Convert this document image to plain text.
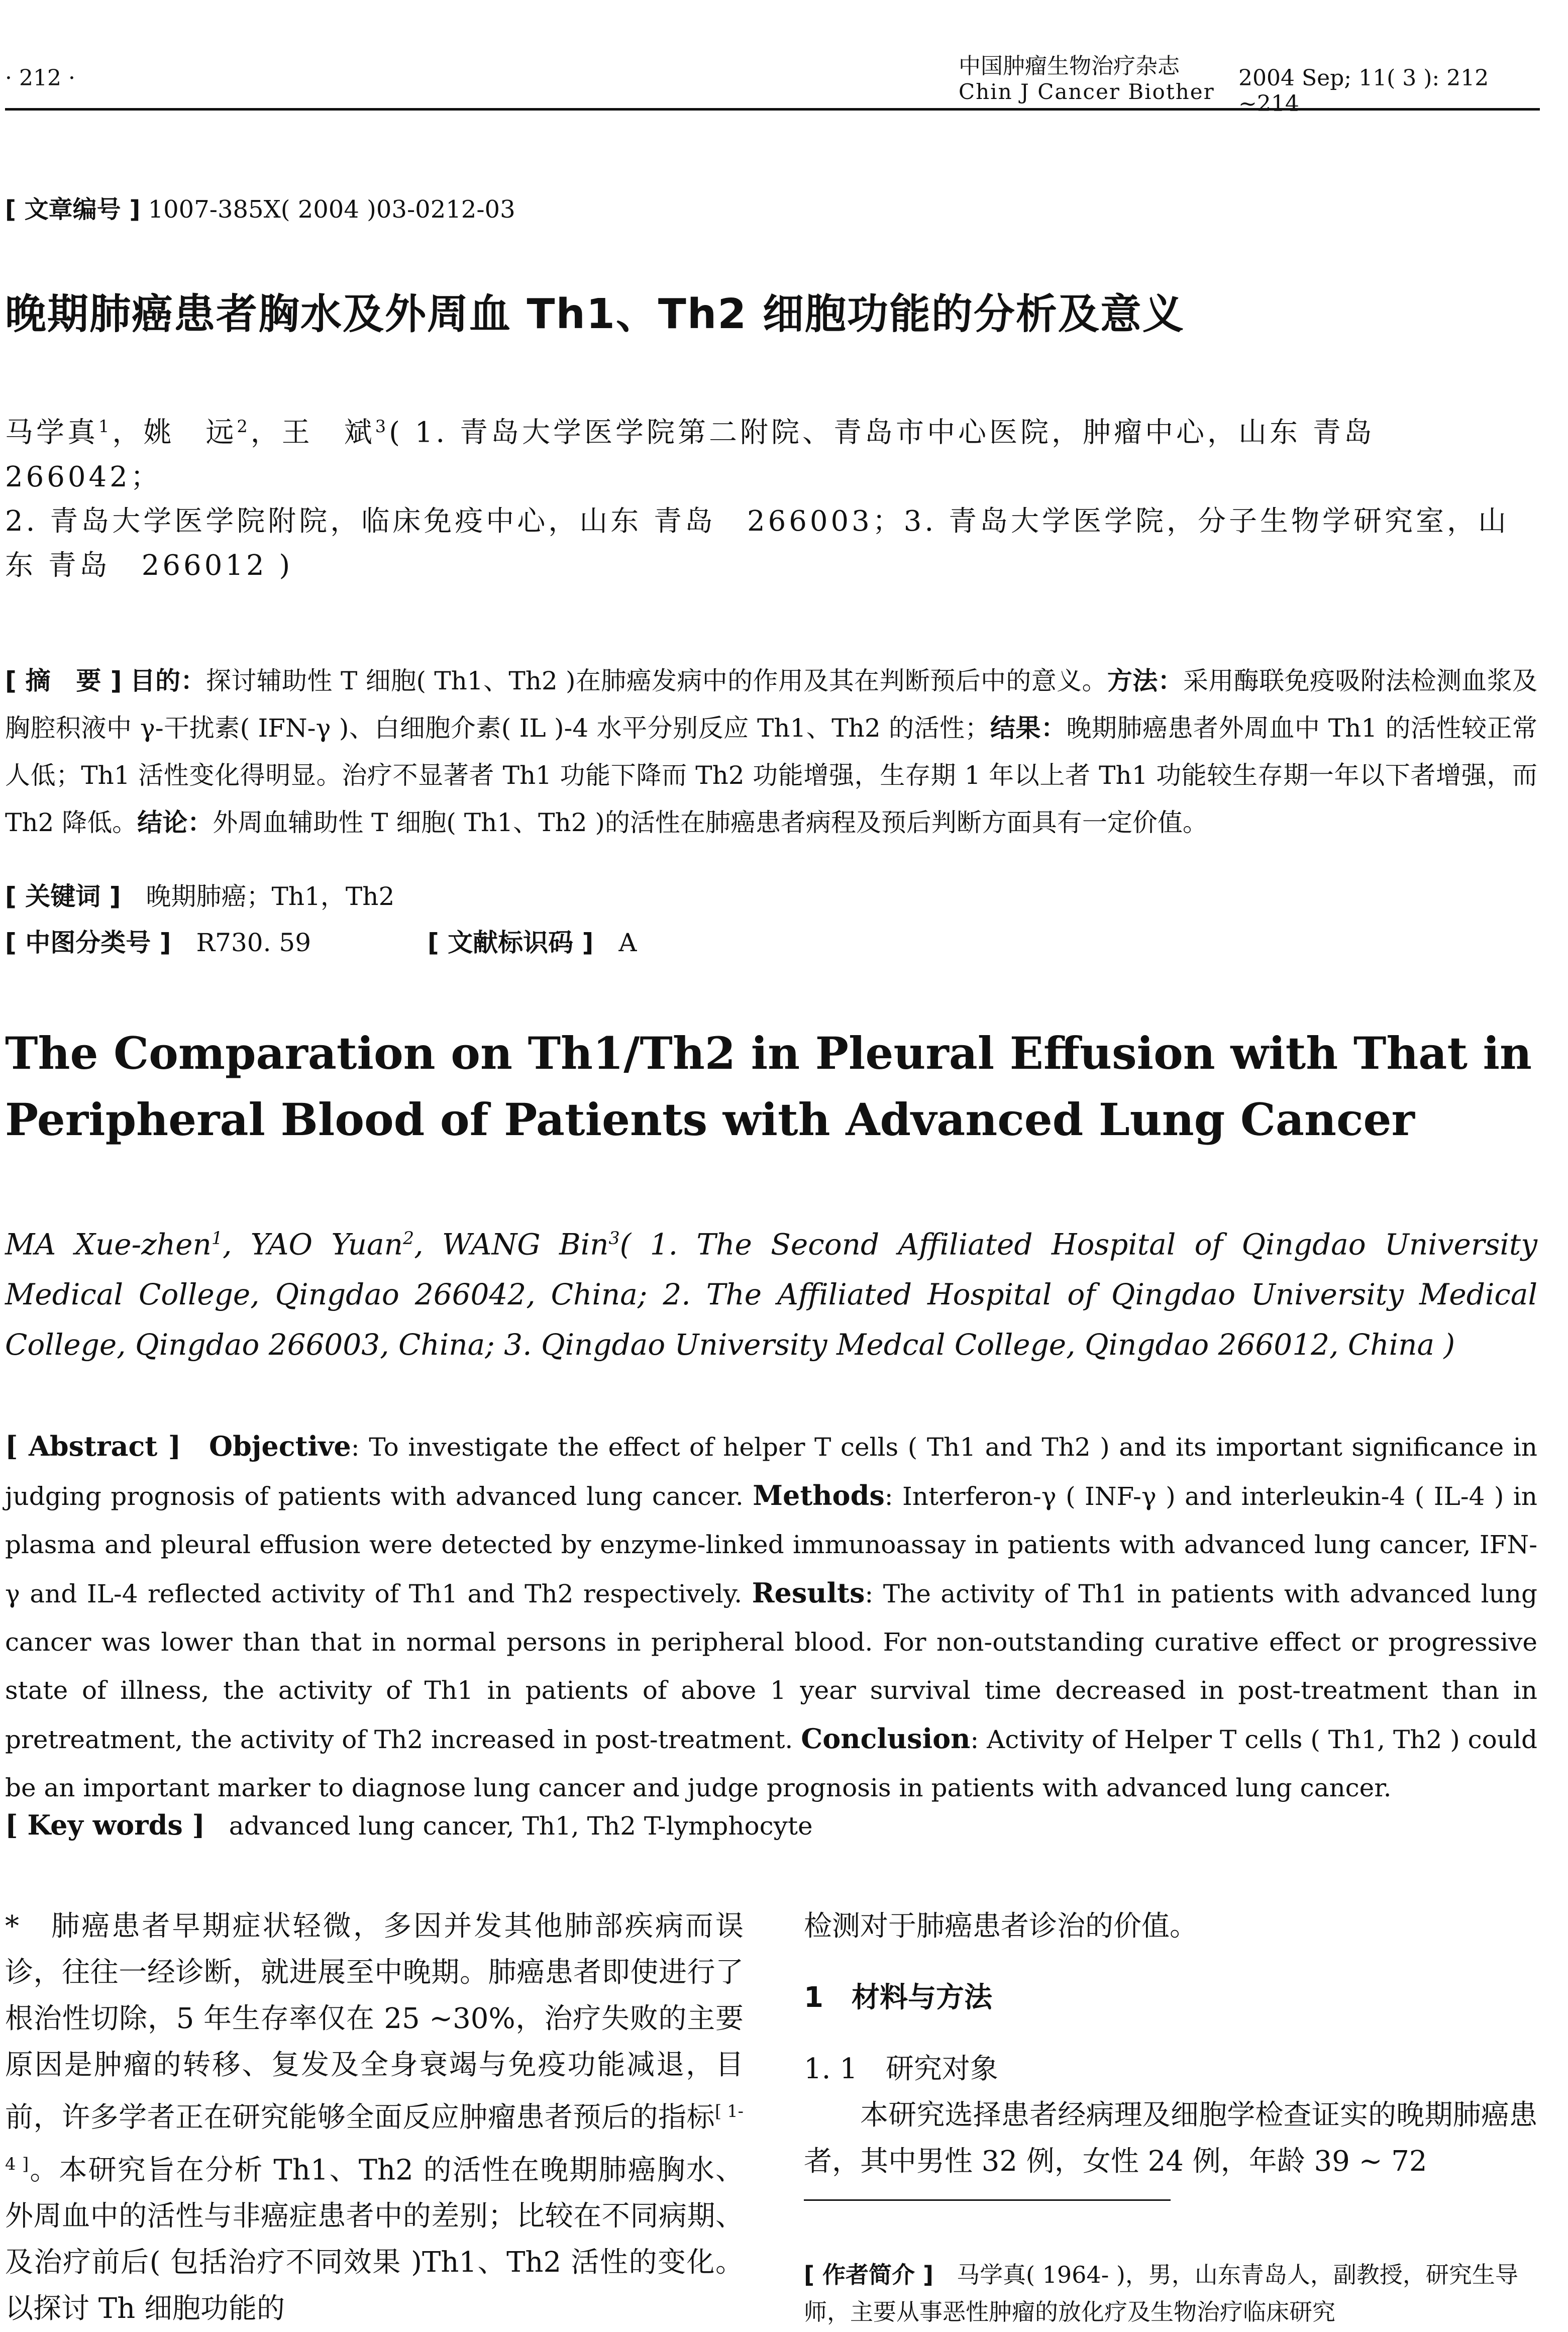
· 212 ·	中国肿瘤生物治疗杂志
Chin J Cancer Biother
2004 Sep; 11( 3 ): 212 ~214
[ 文章编号 ] 1007-385X( 2004 )03-0212-03
晚期肺癌患者胸水及外周血 Th1、Th2 细胞功能的分析及意义
马学真$^1$，姚　远$^2$，王　斌$^3$( 1. 青岛大学医学院第二附院、青岛市中心医院，肿瘤中心，山东 青岛 266042；
2. 青岛大学医学院附院，临床免疫中心，山东 青岛　266003；3. 青岛大学医学院，分子生物学研究室，山东 青岛　266012 )
[ 摘　要 ] 目的：探讨辅助性 T 细胞( Th1、Th2 )在肺癌发病中的作用及其在判断预后中的意义。方法：采用酶联免疫吸附法检测血浆及胸腔积液中 γ-干扰素( IFN-γ )、白细胞介素( IL )-4 水平分别反应 Th1、Th2 的活性；结果：晚期肺癌患者外周血中 Th1 的活性较正常人低；Th1 活性变化得明显。治疗不显著者 Th1 功能下降而 Th2 功能增强，生存期 1 年以上者 Th1 功能较生存期一年以下者增强，而 Th2 降低。结论：外周血辅助性 T 细胞( Th1、Th2 )的活性在肺癌患者病程及预后判断方面具有一定价值。
[ 关键词 ]　 晚期肺癌；Th1，Th2
[ 中图分类号 ]　 R730. 59	[ 文献标识码 ]　 A
The Comparation on Th1/Th2 in Pleural Effusion with That in Peripheral Blood of Patients with Advanced Lung Cancer
MA Xue-zhen$^1$, YAO Yuan$^2$, WANG Bin$^3$( 1. The Second Affiliated Hospital of Qingdao University Medical College, Qingdao 266042, China; 2. The Affiliated Hospital of Qingdao University Medical College, Qingdao 266003, China; 3. Qingdao University Medcal College, Qingdao 266012, China )
[ Abstract ] Objective: To investigate the effect of helper T cells ( Th1 and Th2 ) and its important significance in judging prognosis of patients with advanced lung cancer. Methods: Interferon-γ ( INF-γ ) and interleukin-4 ( IL-4 ) in plasma and pleural effusion were detected by enzyme-linked immunoassay in patients with advanced lung cancer, IFN-γ and IL-4 reflected activity of Th1 and Th2 respectively. Results: The activity of Th1 in patients with advanced lung cancer was lower than that in normal persons in peripheral blood. For non-outstanding curative effect or progressive state of illness, the activity of Th1 in patients of above 1 year survival time decreased in post-treatment than in pretreatment, the activity of Th2 increased in post-treatment. Conclusion: Activity of Helper T cells ( Th1, Th2 ) could be an important marker to diagnose lung cancer and judge prognosis in patients with advanced lung cancer.
[ Key words ] advanced lung cancer, Th1, Th2 T-lymphocyte
*　肺癌患者早期症状轻微，多因并发其他肺部疾病而误诊，往往一经诊断，就进展至中晚期。肺癌患者即使进行了根治性切除，5 年生存率仅在 25 ~30%，治疗失败的主要原因是肿瘤的转移、复发及全身衰竭与免疫功能减退，目前，许多学者正在研究能够全面反应肿瘤患者预后的指标[ 1-4 ]。本研究旨在分析 Th1、Th2 的活性在晚期肺癌胸水、外周血中的活性与非癌症患者中的差别；比较在不同病期、及治疗前后( 包括治疗不同效果 )Th1、Th2 活性的变化。以探讨 Th 细胞功能的
检测对于肺癌患者诊治的价值。
1　材料与方法
1. 1　研究对象
本研究选择患者经病理及细胞学检查证实的晚期肺癌患者，其中男性 32 例，女性 24 例，年龄 39 ~ 72
[ 作者简介 ]　 马学真( 1964- )，男，山东青岛人，副教授，研究生导师，主要从事恶性肿瘤的放化疗及生物治疗临床研究
